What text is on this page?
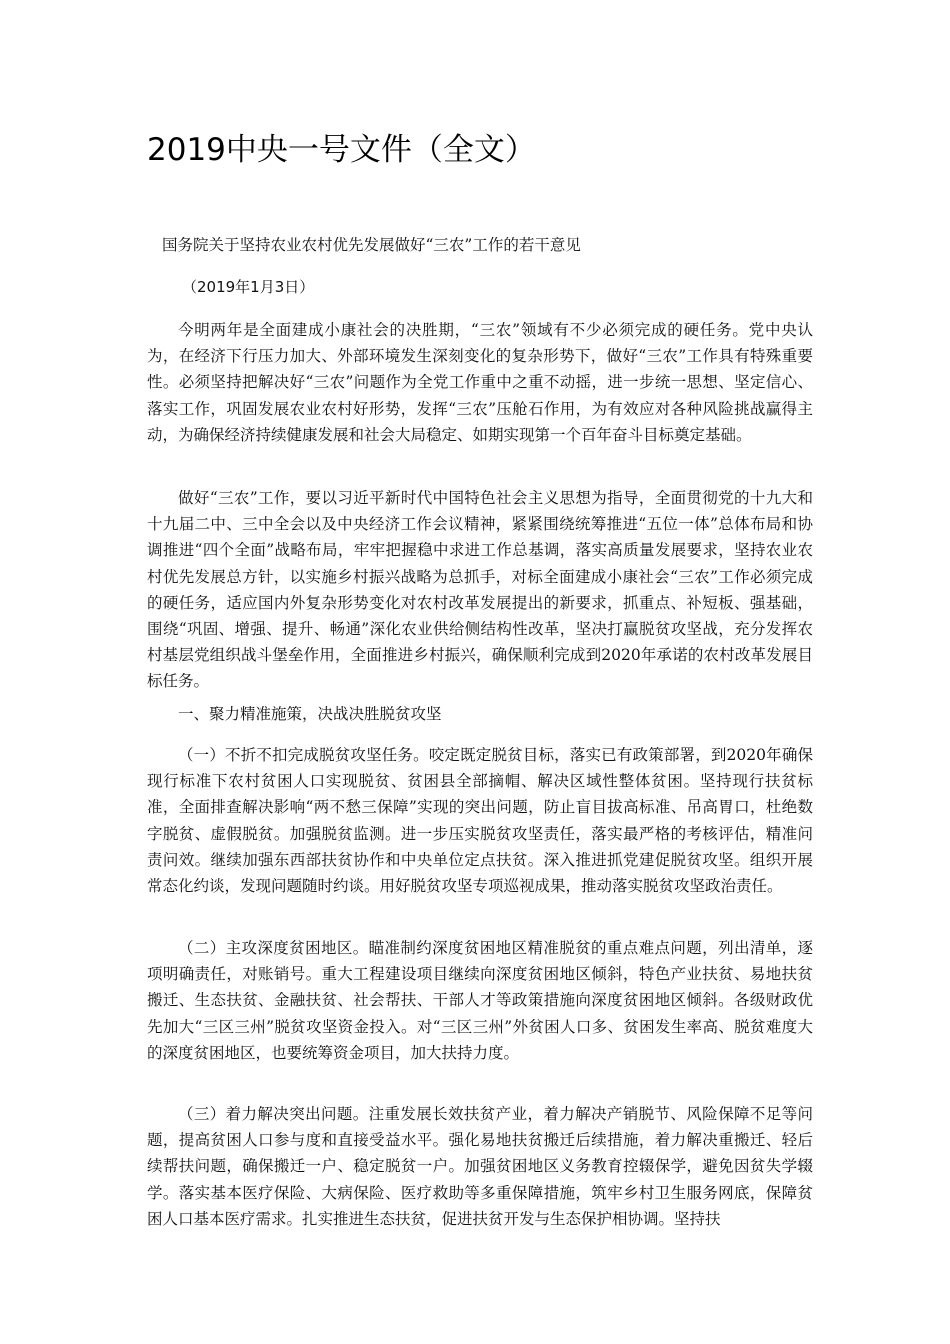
2019中央一号文件（全文）

国务院关于坚持农业农村优先发展做好“三农”工作的若干意见

（2019年1月3日）

今明两年是全面建成小康社会的决胜期，“三农”领域有不少必须完成的硬任务。党中央认为，在经济下行压力加大、外部环境发生深刻变化的复杂形势下，做好“三农”工作具有特殊重要性。必须坚持把解决好“三农”问题作为全党工作重中之重不动摇，进一步统一思想、坚定信心、落实工作，巩固发展农业农村好形势，发挥“三农”压舱石作用，为有效应对各种风险挑战赢得主动，为确保经济持续健康发展和社会大局稳定、如期实现第一个百年奋斗目标奠定基础。

做好“三农”工作，要以习近平新时代中国特色社会主义思想为指导，全面贯彻党的十九大和十九届二中、三中全会以及中央经济工作会议精神，紧紧围绕统筹推进“五位一体”总体布局和协调推进“四个全面”战略布局，牢牢把握稳中求进工作总基调，落实高质量发展要求，坚持农业农村优先发展总方针，以实施乡村振兴战略为总抓手，对标全面建成小康社会“三农”工作必须完成的硬任务，适应国内外复杂形势变化对农村改革发展提出的新要求，抓重点、补短板、强基础，围绕“巩固、增强、提升、畅通”深化农业供给侧结构性改革，坚决打赢脱贫攻坚战，充分发挥农村基层党组织战斗堡垒作用，全面推进乡村振兴，确保顺利完成到2020年承诺的农村改革发展目标任务。

一、聚力精准施策，决战决胜脱贫攻坚

（一）不折不扣完成脱贫攻坚任务。咬定既定脱贫目标，落实已有政策部署，到2020年确保现行标准下农村贫困人口实现脱贫、贫困县全部摘帽、解决区域性整体贫困。坚持现行扶贫标准，全面排查解决影响“两不愁三保障”实现的突出问题，防止盲目拔高标准、吊高胃口，杜绝数字脱贫、虚假脱贫。加强脱贫监测。进一步压实脱贫攻坚责任，落实最严格的考核评估，精准问责问效。继续加强东西部扶贫协作和中央单位定点扶贫。深入推进抓党建促脱贫攻坚。组织开展常态化约谈，发现问题随时约谈。用好脱贫攻坚专项巡视成果，推动落实脱贫攻坚政治责任。

（二）主攻深度贫困地区。瞄准制约深度贫困地区精准脱贫的重点难点问题，列出清单，逐项明确责任，对账销号。重大工程建设项目继续向深度贫困地区倾斜，特色产业扶贫、易地扶贫搬迁、生态扶贫、金融扶贫、社会帮扶、干部人才等政策措施向深度贫困地区倾斜。各级财政优先加大“三区三州”脱贫攻坚资金投入。对“三区三州”外贫困人口多、贫困发生率高、脱贫难度大的深度贫困地区，也要统筹资金项目，加大扶持力度。

（三）着力解决突出问题。注重发展长效扶贫产业，着力解决产销脱节、风险保障不足等问题，提高贫困人口参与度和直接受益水平。强化易地扶贫搬迁后续措施，着力解决重搬迁、轻后续帮扶问题，确保搬迁一户、稳定脱贫一户。加强贫困地区义务教育控辍保学，避免因贫失学辍学。落实基本医疗保险、大病保险、医疗救助等多重保障措施，筑牢乡村卫生服务网底，保障贫困人口基本医疗需求。扎实推进生态扶贫，促进扶贫开发与生态保护相协调。坚持扶
